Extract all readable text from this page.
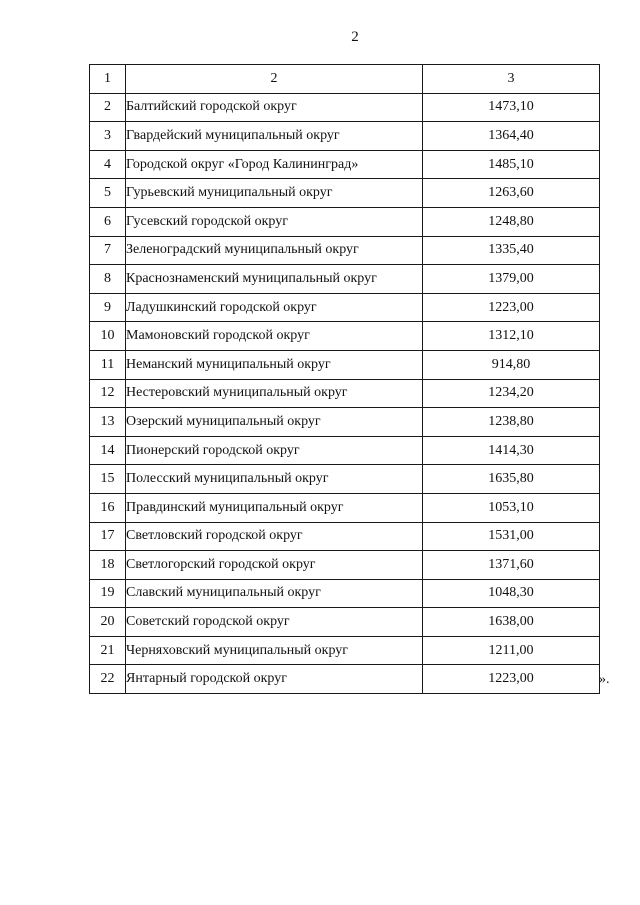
2
1	2	3
2	Балтийский городской округ	1473,10
3	Гвардейский муниципальный округ	1364,40
4	Городской округ «Город Калининград»	1485,10
5	Гурьевский муниципальный округ	1263,60
6	Гусевский городской округ	1248,80
7	Зеленоградский муниципальный округ	1335,40
8	Краснознаменский муниципальный округ	1379,00
9	Ладушкинский городской округ	1223,00
10	Мамоновский городской округ	1312,10
11	Неманский муниципальный округ	914,80
12	Нестеровский муниципальный округ	1234,20
13	Озерский муниципальный округ	1238,80
14	Пионерский городской округ	1414,30
15	Полесский муниципальный округ	1635,80
16	Правдинский муниципальный округ	1053,10
17	Светловский городской округ	1531,00
18	Светлогорский городской округ	1371,60
19	Славский муниципальный округ	1048,30
20	Советский городской округ	1638,00
21	Черняховский муниципальный округ	1211,00
22	Янтарный городской округ	1223,00	».
